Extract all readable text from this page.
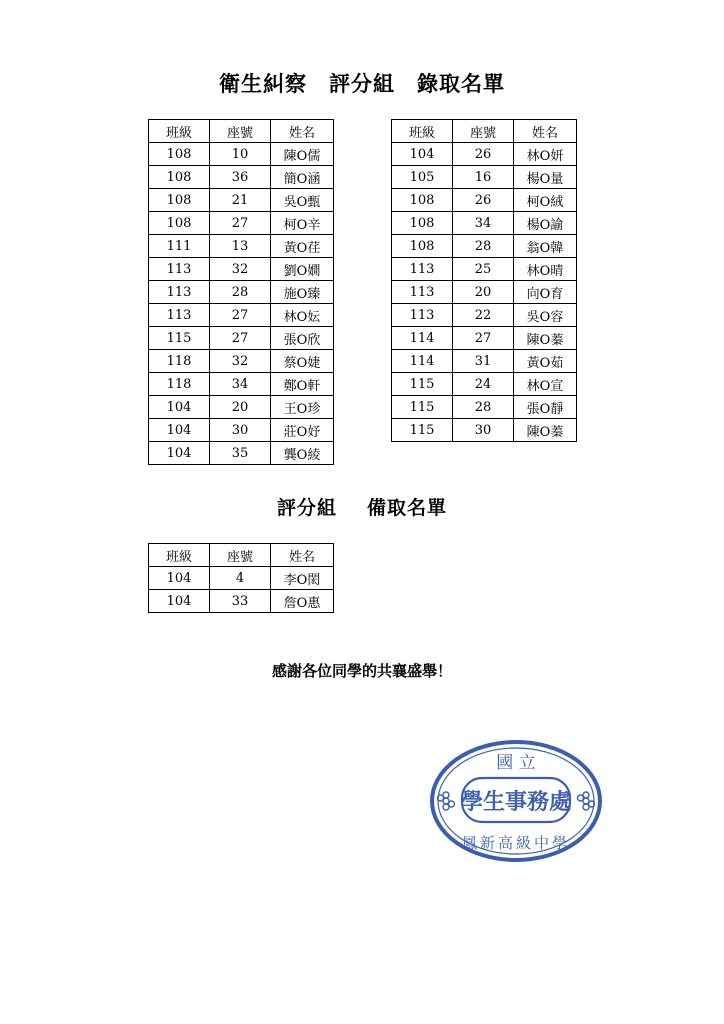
衛生糾察 評分組 錄取名單
班級	座號	姓名
108	10	陳O儒
108	36	簡O涵
108	21	吳O甄
108	27	柯O辛
111	13	黃O荏
113	32	劉O嫺
113	28	施O臻
113	27	林O妘
115	27	張O欣
118	32	蔡O婕
118	34	鄭O軒
104	20	王O珍
104	30	莊O妤
104	35	龔O綾
班級	座號	姓名
104	26	林O妍
105	16	楊O量
108	26	柯O絨
108	34	楊O諭
108	28	翁O韓
113	25	林O晴
113	20	向O育
113	22	吳O容
114	27	陳O蓁
114	31	黃O茹
115	24	林O宣
115	28	張O靜
115	30	陳O蓁
評分組 備取名單
班級	座號	姓名
104	4	李O閎
104	33	詹O惠
感謝各位同學的共襄盛舉！
國 立
學生事務處
鳳新高級中學
